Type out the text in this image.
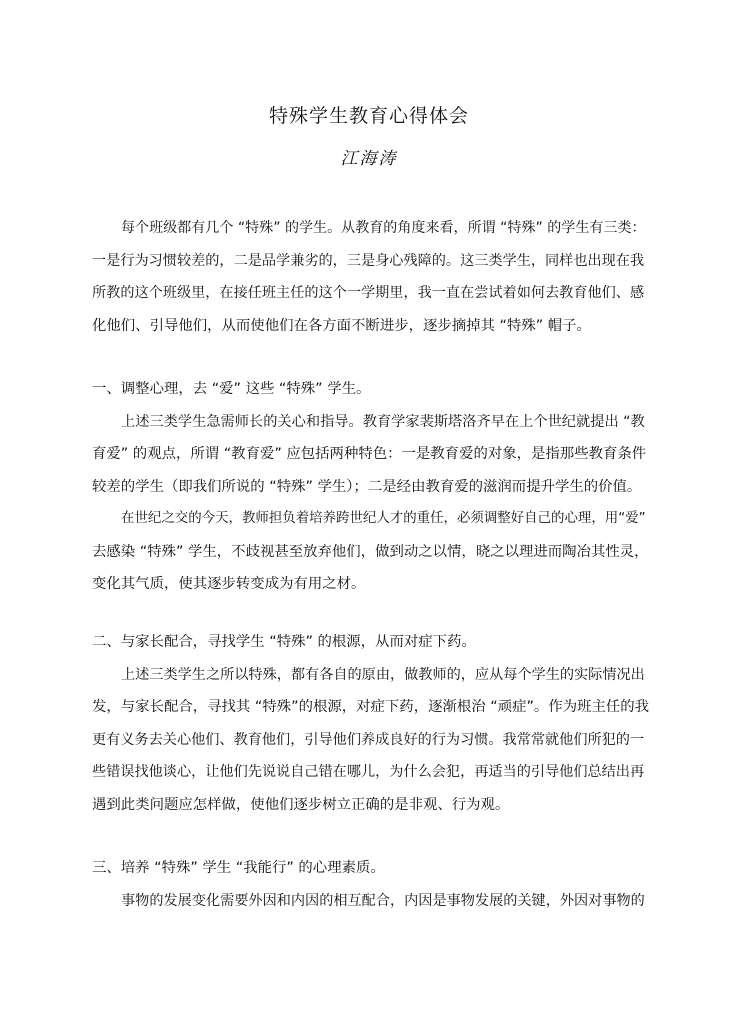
特殊学生教育心得体会
江海涛
每个班级都有几个 “特殊” 的学生。从教育的角度来看，所谓 “特殊” 的学生有三类：
一是行为习惯较差的，二是品学兼劣的，三是身心残障的。这三类学生，同样也出现在我
所教的这个班级里，在接任班主任的这个一学期里，我一直在尝试着如何去教育他们、感
化他们、引导他们，从而使他们在各方面不断进步，逐步摘掉其 “特殊” 帽子。
一、调整心理，去 “爱” 这些 “特殊” 学生。
上述三类学生急需师长的关心和指导。教育学家裴斯塔洛齐早在上个世纪就提出 “教
育爱” 的观点，所谓 “教育爱” 应包括两种特色：一是教育爱的对象，是指那些教育条件
较差的学生（即我们所说的 “特殊” 学生）；二是经由教育爱的滋润而提升学生的价值。
在世纪之交的今天，教师担负着培养跨世纪人才的重任，必须调整好自己的心理，用“爱”
去感染 “特殊” 学生，不歧视甚至放弃他们，做到动之以情，晓之以理进而陶冶其性灵，
变化其气质，使其逐步转变成为有用之材。
二、与家长配合，寻找学生 “特殊” 的根源，从而对症下药。
上述三类学生之所以特殊，都有各自的原由，做教师的，应从每个学生的实际情况出
发，与家长配合，寻找其 “特殊”的根源，对症下药，逐渐根治 “顽症”。作为班主任的我
更有义务去关心他们、教育他们，引导他们养成良好的行为习惯。我常常就他们所犯的一
些错误找他谈心，让他们先说说自己错在哪儿，为什么会犯，再适当的引导他们总结出再
遇到此类问题应怎样做，使他们逐步树立正确的是非观、行为观。
三、培养 “特殊” 学生 “我能行” 的心理素质。
事物的发展变化需要外因和内因的相互配合，内因是事物发展的关键，外因对事物的
